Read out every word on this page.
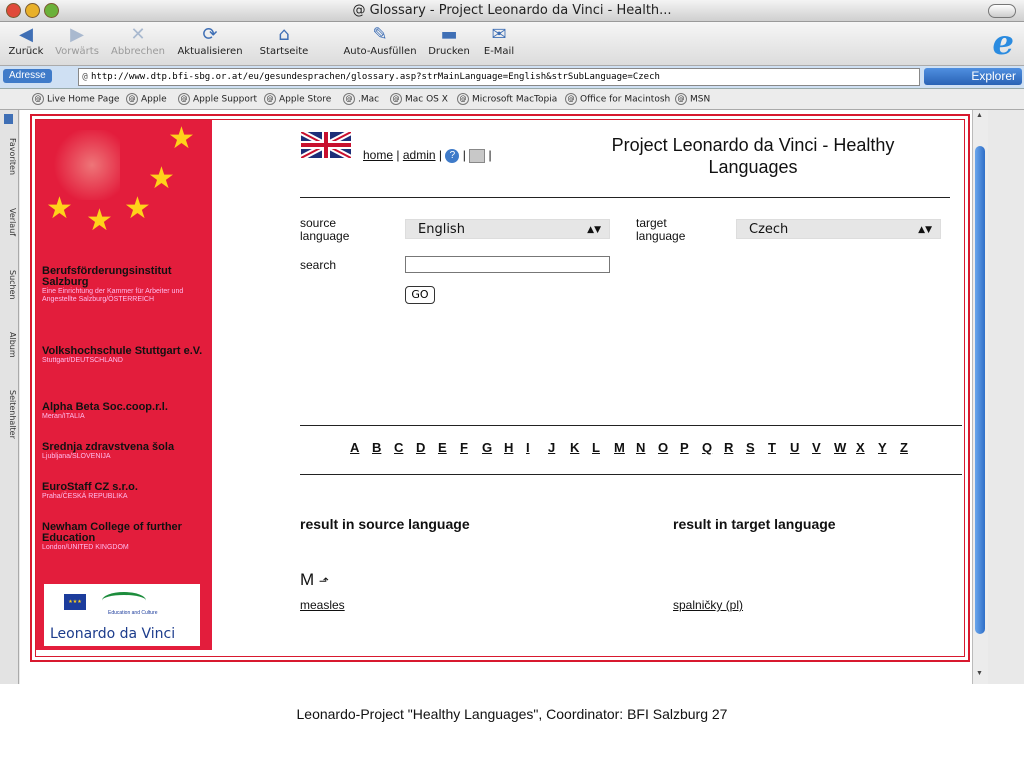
@ Glossary - Project Leonardo da Vinci - Health...
◀
Zurück
▶
Vorwärts
✕
Abbrechen
⟳
Aktualisieren
⌂
Startseite
✎
Auto-Ausfüllen
▬
Drucken
✉
E-Mail	e
Adresse	@ http://www.dtp.bfi-sbg.or.at/eu/gesundesprachen/glossary.asp?strMainLanguage=English&strSubLanguage=Czech	Explorer
@ Live Home Page	@ Apple	@ Apple Support	@ Apple Store	@ .Mac	@ Mac OS X	@ Microsoft MacTopia	@ Office for Macintosh	@ MSN
Favoriten
Verlauf
Suchen
Album
Seitenhalter
★
★
★ ★ ★
Berufsförderungsinstitut Salzburg
Eine Einrichtung der Kammer für Arbeiter und Angestellte Salzburg/ÖSTERREICH
Volkshochschule Stuttgart e.V.
Stuttgart/DEUTSCHLAND
Alpha Beta Soc.coop.r.l.
Meran/ITALIA
Srednja zdravstvena šola
Ljubljana/SLOVENIJA
EuroStaff CZ s.r.o.
Praha/ČESKÁ REPUBLIKA
Newham College of further Education
London/UNITED KINGDOM
★★★
Education and Culture
Leonardo da Vinci
home | admin | ? | |	Project Leonardo da Vinci - Healthy Languages
source language	English	▲▼	target language	Czech	▲▼
search
GO
A B C D E F G H I J K L M N O P Q R S T U V W X Y Z
result in source language	result in target language
M ⬏
measles	spalničky (pl)
▲
▼
Leonardo-Project "Healthy Languages", Coordinator: BFI Salzburg 27
